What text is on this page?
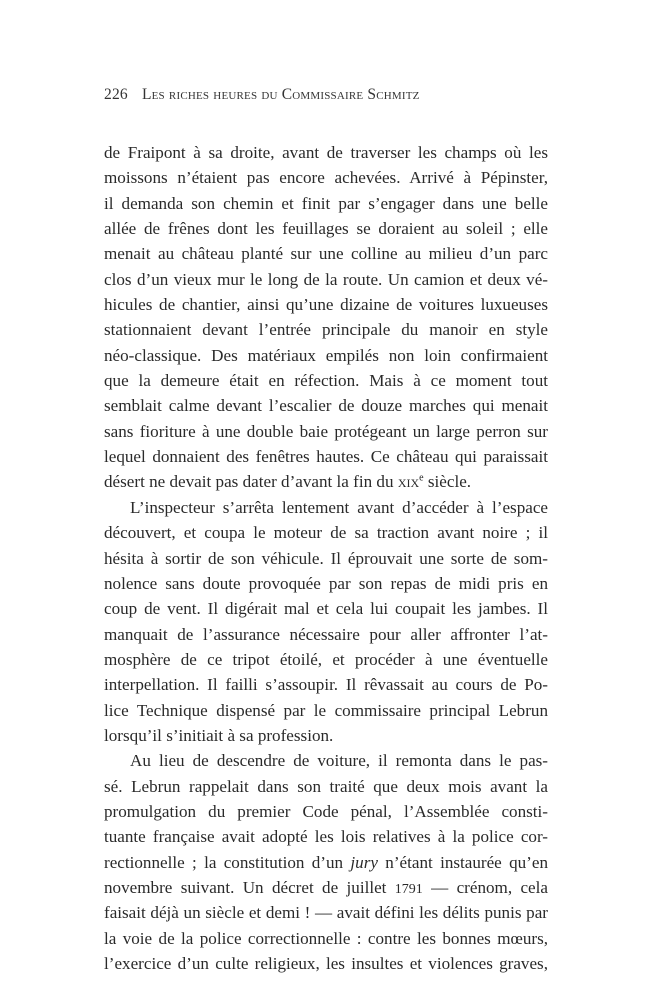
226 Les riches heures du Commissaire Schmitz
de Fraipont à sa droite, avant de traverser les champs où les
moissons n’étaient pas encore achevées. Arrivé à Pépinster,
il demanda son chemin et finit par s’engager dans une belle
allée de frênes dont les feuillages se doraient au soleil ; elle
menait au château planté sur une colline au milieu d’un parc
clos d’un vieux mur le long de la route. Un camion et deux vé-
hicules de chantier, ainsi qu’une dizaine de voitures luxueuses
stationnaient devant l’entrée principale du manoir en style
néo-classique. Des matériaux empilés non loin confirmaient
que la demeure était en réfection. Mais à ce moment tout
semblait calme devant l’escalier de douze marches qui menait
sans fioriture à une double baie protégeant un large perron sur
lequel donnaient des fenêtres hautes. Ce château qui paraissait
désert ne devait pas dater d’avant la fin du xix$^e$ siècle.
L’inspecteur s’arrêta lentement avant d’accéder à l’espace
découvert, et coupa le moteur de sa traction avant noire ; il
hésita à sortir de son véhicule. Il éprouvait une sorte de som-
nolence sans doute provoquée par son repas de midi pris en
coup de vent. Il digérait mal et cela lui coupait les jambes. Il
manquait de l’assurance nécessaire pour aller affronter l’at-
mosphère de ce tripot étoilé, et procéder à une éventuelle
interpellation. Il failli s’assoupir. Il rêvassait au cours de Po-
lice Technique dispensé par le commissaire principal Lebrun
lorsqu’il s’initiait à sa profession.
Au lieu de descendre de voiture, il remonta dans le pas-
sé. Lebrun rappelait dans son traité que deux mois avant la
promulgation du premier Code pénal, l’Assemblée consti-
tuante française avait adopté les lois relatives à la police cor-
rectionnelle ; la constitution d’un jury n’étant instaurée qu’en
novembre suivant. Un décret de juillet 1791 — crénom, cela
faisait déjà un siècle et demi ! — avait défini les délits punis par
la voie de la police correctionnelle : contre les bonnes mœurs,
l’exercice d’un culte religieux, les insultes et violences graves,
